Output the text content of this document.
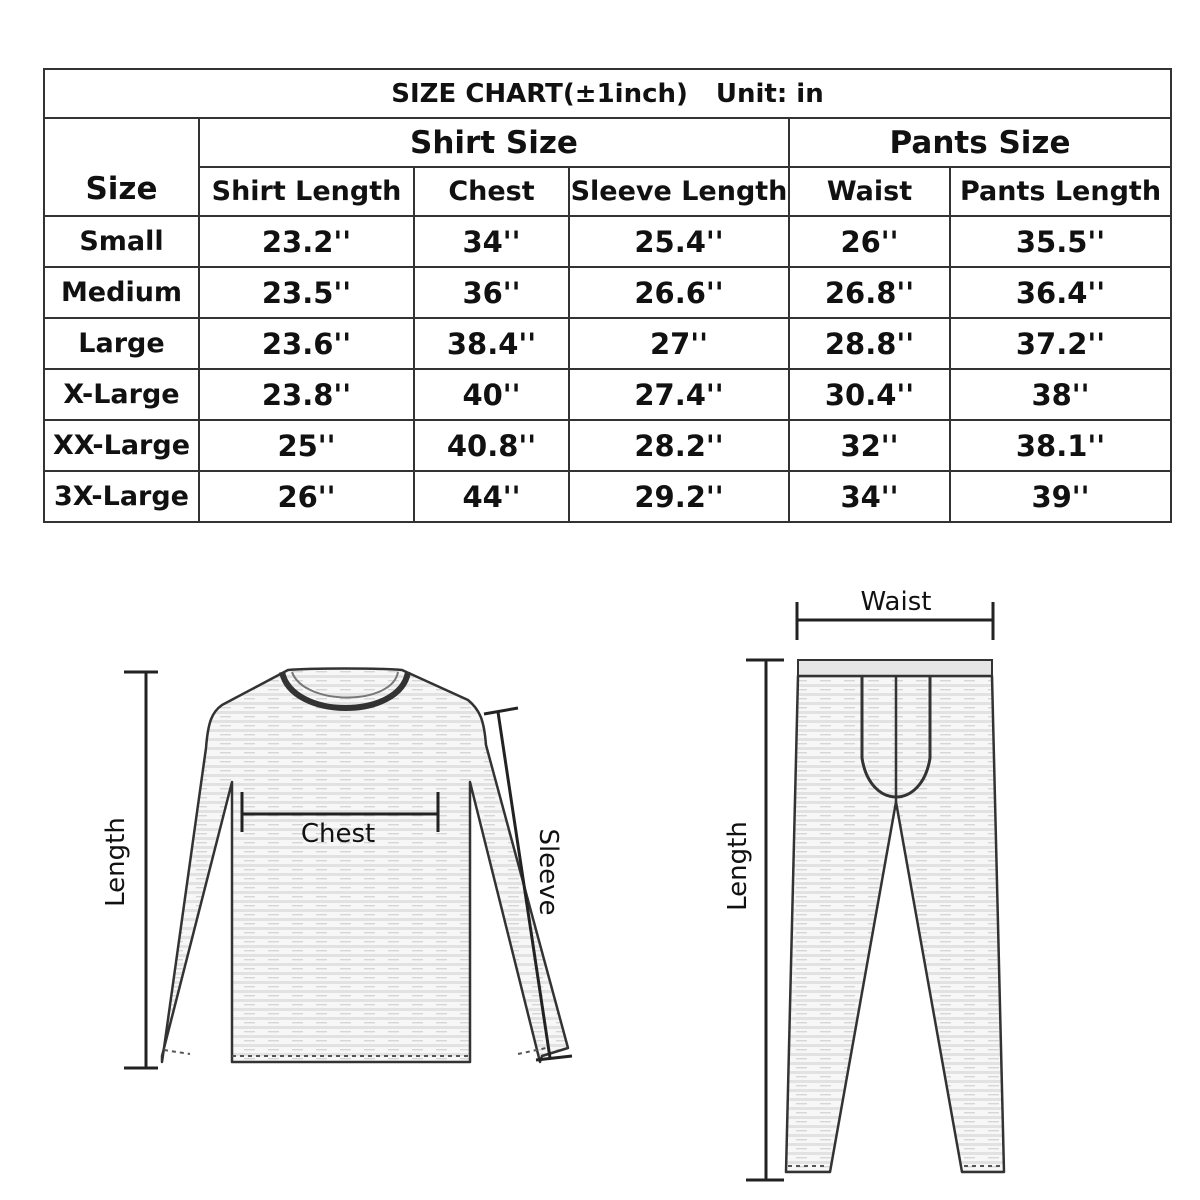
SIZE CHART(±1inch) Unit: in					
Size	Shirt Size			Pants Size	
	Shirt Length	Chest	Sleeve Length	Waist	Pants Length
Small	23.2''	34''	25.4''	26''	35.5''
Medium	23.5''	36''	26.6''	26.8''	36.4''
Large	23.6''	38.4''	27''	28.8''	37.2''
X-Large	23.8''	40''	27.4''	30.4''	38''
XX-Large	25''	40.8''	28.2''	32''	38.1''
3X-Large	26''	44''	29.2''	34''	39''
Length	Chest	Sleeve
Waist
Length
